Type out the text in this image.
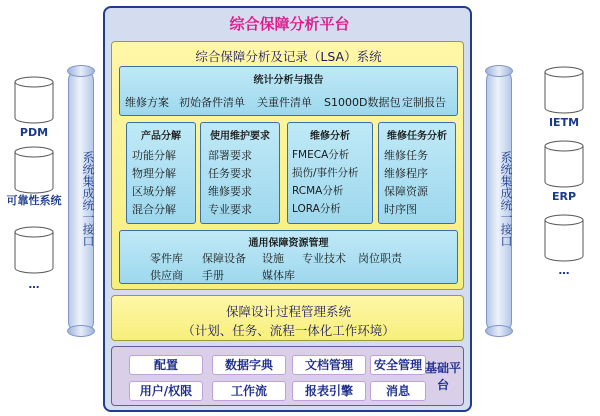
PDM
可靠性系统
…
系统集成统一接口	系统集成统一接口
IETM
ERP
…
综合保障分析平台
综合保障分析及记录（LSA）系统
统计分析与报告
维修方案 初始备件清单 关重件清单 S1000D数据包 定制报告
产品分解
功能分解
物理分解
区域分解
混合分解
使用维护要求
部署要求
任务要求
维修要求
专业要求
维修分析
FMECA分析
损伤/事件分析
RCMA分析
LORA分析
维修任务分析
维修任务
维修程序
保障资源
时序图
通用保障资源管理
零件库 保障设备 设施 专业技术 岗位职责
供应商 手册	媒体库
保障设计过程管理系统
（计划、任务、流程一体化工作环境）
配置	数据字典	文档管理	安全管理
用户/权限	工作流	报表引擎	消息
基础平台
